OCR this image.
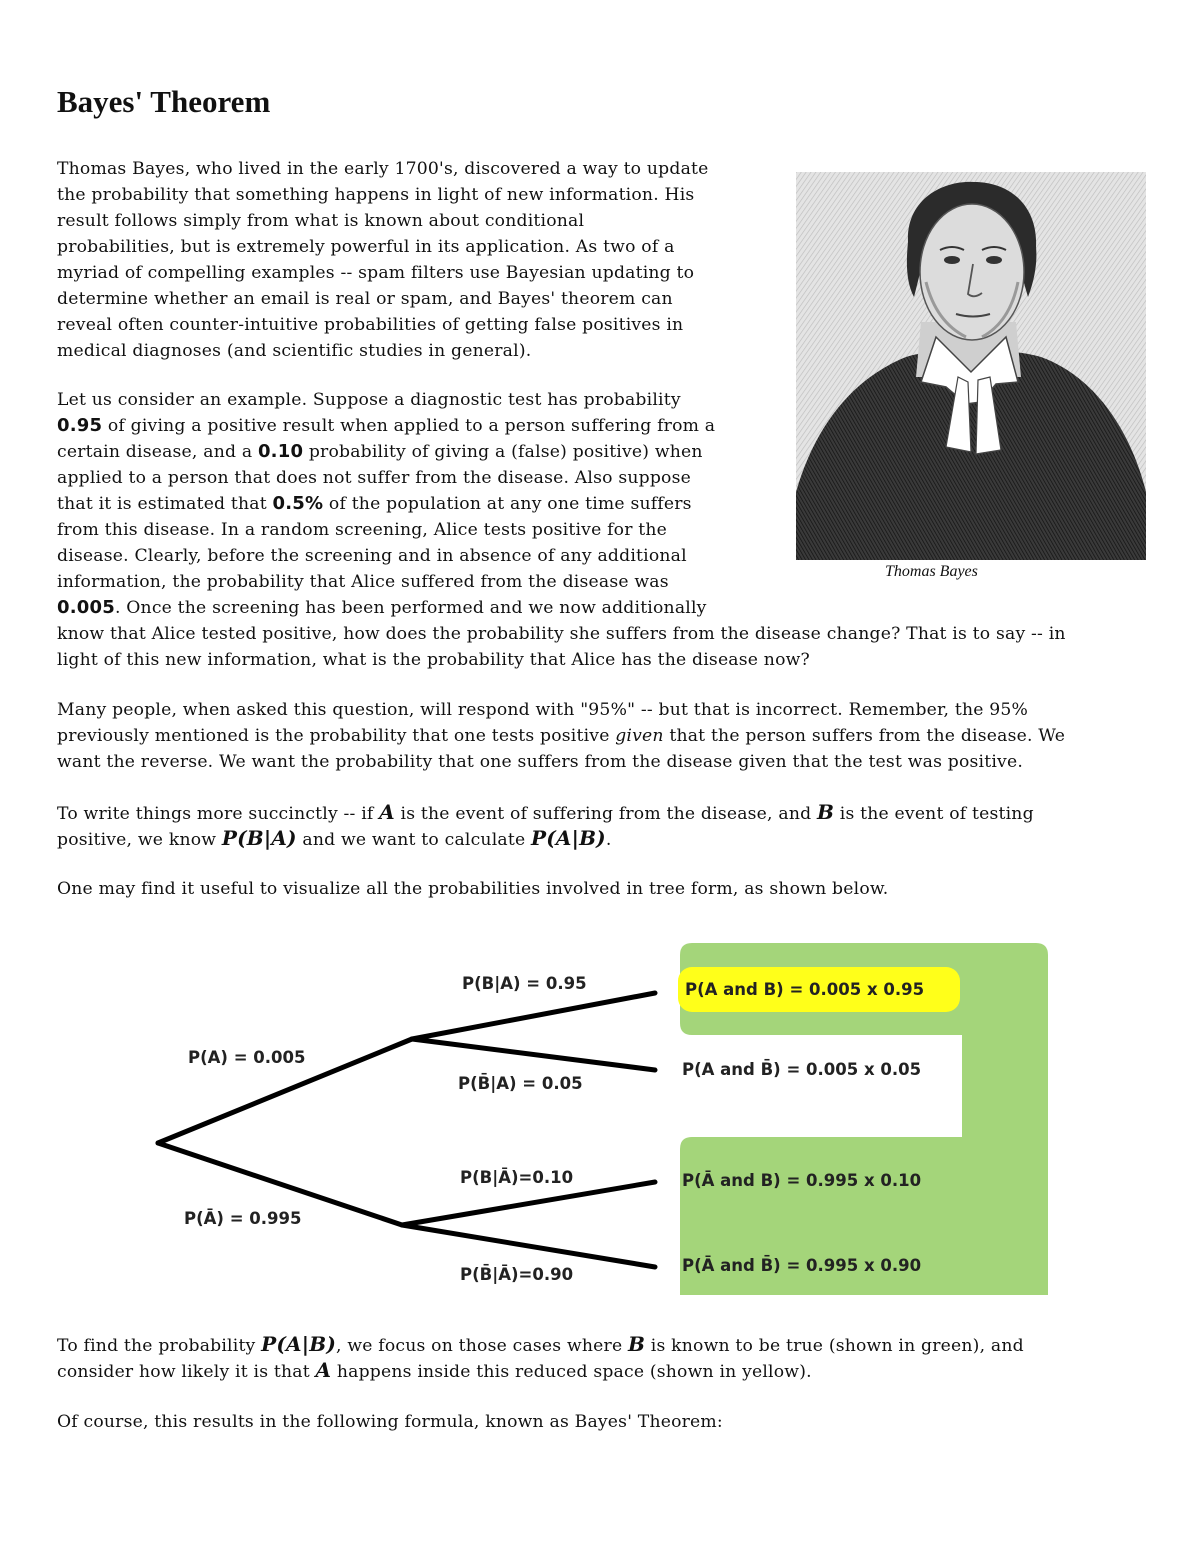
Bayes' Theorem
Thomas Bayes, who lived in the early 1700's, discovered a way to update
the probability that something happens in light of new information. His
result follows simply from what is known about conditional
probabilities, but is extremely powerful in its application. As two of a
myriad of compelling examples -- spam filters use Bayesian updating to
determine whether an email is real or spam, and Bayes' theorem can
reveal often counter-intuitive probabilities of getting false positives in
medical diagnoses (and scientific studies in general).
Let us consider an example. Suppose a diagnostic test has probability
0.95 of giving a positive result when applied to a person suffering from a
certain disease, and a 0.10 probability of giving a (false) positive) when
applied to a person that does not suffer from the disease. Also suppose
that it is estimated that 0.5% of the population at any one time suffers
from this disease. In a random screening, Alice tests positive for the
disease. Clearly, before the screening and in absence of any additional
information, the probability that Alice suffered from the disease was
0.005. Once the screening has been performed and we now additionally
know that Alice tested positive, how does the probability she suffers from the disease change? That is to say -- in
light of this new information, what is the probability that Alice has the disease now?
Many people, when asked this question, will respond with "95%" -- but that is incorrect. Remember, the 95%
previously mentioned is the probability that one tests positive given that the person suffers from the disease. We
want the reverse. We want the probability that one suffers from the disease given that the test was positive.
To write things more succinctly -- if A is the event of suffering from the disease, and B is the event of testing
positive, we know P(B|A) and we want to calculate P(A|B).
One may find it useful to visualize all the probabilities involved in tree form, as shown below.
Thomas Bayes
P(A) = 0.005
P(Ā) = 0.995
P(B|A) = 0.95
P(B̄|A) = 0.05
P(B|Ā)=0.10
P(B̄|Ā)=0.90
P(A and B) = 0.005 x 0.95
P(A and B̄) = 0.005 x 0.05
P(Ā and B) = 0.995 x 0.10
P(Ā and B̄) = 0.995 x 0.90
To find the probability P(A|B), we focus on those cases where B is known to be true (shown in green), and
consider how likely it is that A happens inside this reduced space (shown in yellow).
Of course, this results in the following formula, known as Bayes' Theorem:
